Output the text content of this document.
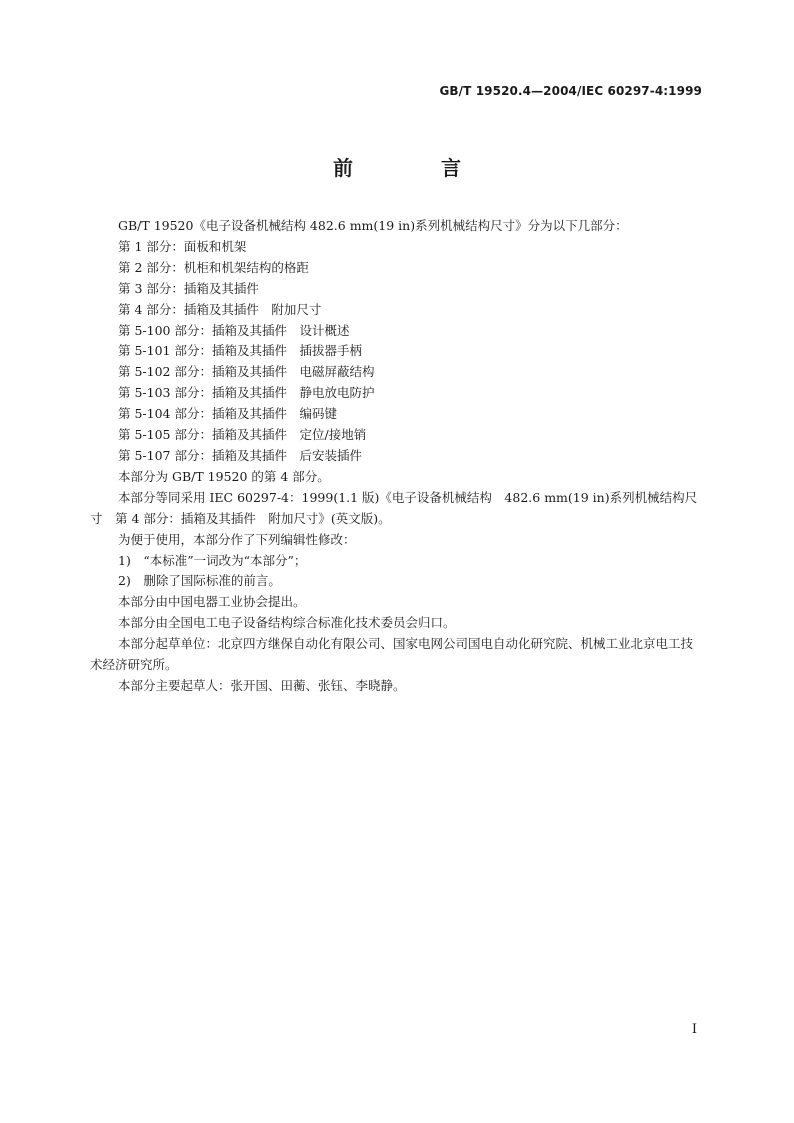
GB/T 19520.4—2004/IEC 60297-4:1999
前　言

GB/T 19520《电子设备机械结构 482.6 mm(19 in)系列机械结构尺寸》分为以下几部分：

第 1 部分：面板和机架

第 2 部分：机柜和机架结构的格距

第 3 部分：插箱及其插件

第 4 部分：插箱及其插件　附加尺寸

第 5-100 部分：插箱及其插件　设计概述

第 5-101 部分：插箱及其插件　插拔器手柄

第 5-102 部分：插箱及其插件　电磁屏蔽结构

第 5-103 部分：插箱及其插件　静电放电防护

第 5-104 部分：插箱及其插件　编码键

第 5-105 部分：插箱及其插件　定位/接地销

第 5-107 部分：插箱及其插件　后安装插件

本部分为 GB/T 19520 的第 4 部分。

本部分等同采用 IEC 60297-4：1999(1.1 版)《电子设备机械结构　482.6 mm(19 in)系列机械结构尺寸　第 4 部分：插箱及其插件　附加尺寸》(英文版)。

为便于使用，本部分作了下列编辑性修改：

1)　“本标准”一词改为“本部分”；

2)　删除了国际标准的前言。

本部分由中国电器工业协会提出。

本部分由全国电工电子设备结构综合标准化技术委员会归口。

本部分起草单位：北京四方继保自动化有限公司、国家电网公司国电自动化研究院、机械工业北京电工技术经济研究所。

本部分主要起草人：张开国、田蘅、张钰、李晓静。

I
